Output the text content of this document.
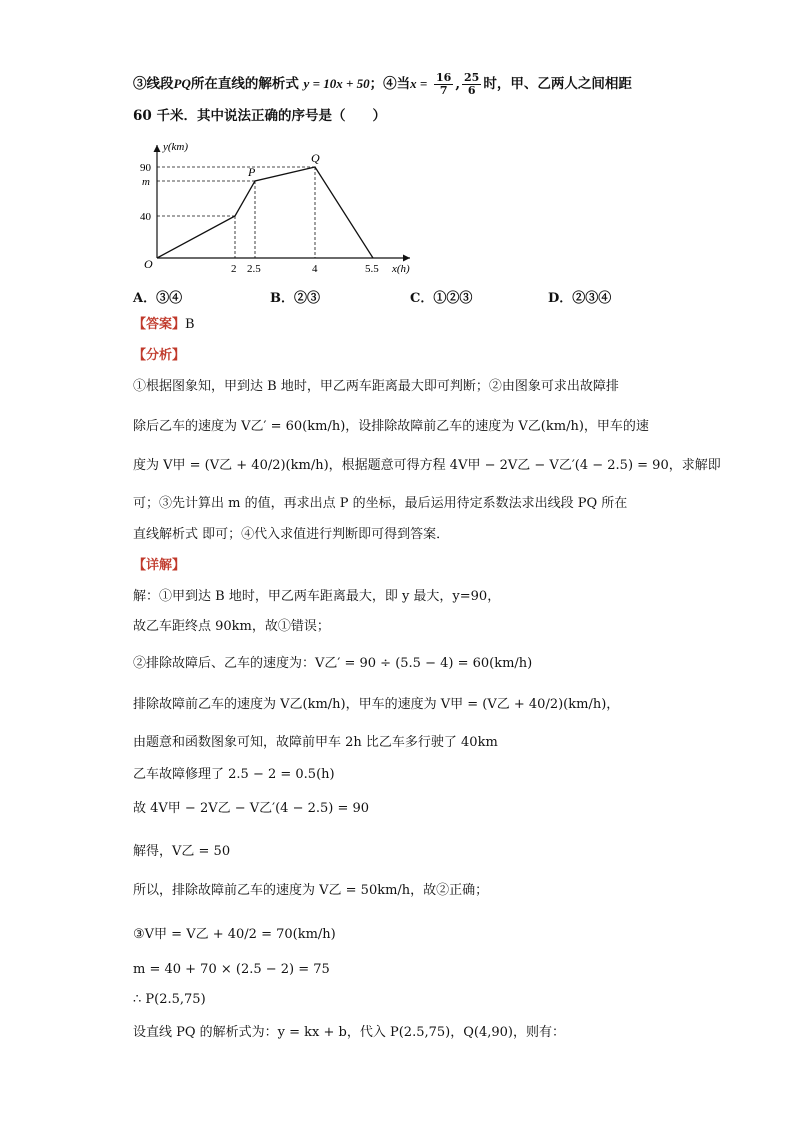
③线段PQ所在直线的解析式 y = 10x + 50；④当$x = \frac{16}{7}$ , $\frac{25}{6}$ 时，甲、乙两人之间相距
60 千米．其中说法正确的序号是（　　）
y(km)
x(h)
O
90
m
40
2 2.5	4	5.5
P
Q
A．③④	B．②③	C．①②③	D．②③④
【答案】B
【分析】
①根据图象知，甲到达 B 地时，甲乙两车距离最大即可判断；②由图象可求出故障排
除后乙车的速度为 V乙′ = 60(km/h)，设排除故障前乙车的速度为 V乙(km/h)，甲车的速
度为 V甲 = (V乙 + 40/2)(km/h)，根据题意可得方程 4V甲 − 2V乙 − V乙′(4 − 2.5) = 90，求解即
可；③先计算出 m 的值，再求出点 P 的坐标，最后运用待定系数法求出线段 PQ 所在
直线解析式 即可；④代入求值进行判断即可得到答案．
【详解】
解：①甲到达 B 地时，甲乙两车距离最大，即 y 最大，y=90，
故乙车距终点 90km，故①错误；
②排除故障后、乙车的速度为：V乙′ = 90 ÷ (5.5 − 4) = 60(km/h)
排除故障前乙车的速度为 V乙(km/h)，甲车的速度为 V甲 = (V乙 + 40/2)(km/h)，
由题意和函数图象可知，故障前甲车 2h 比乙车多行驶了 40km
乙车故障修理了 2.5 − 2 = 0.5(h)
故 4V甲 − 2V乙 − V乙′(4 − 2.5) = 90
解得，V乙 = 50
所以，排除故障前乙车的速度为 V乙 = 50km/h，故②正确；
③V甲 = V乙 + 40/2 = 70(km/h)
m = 40 + 70 × (2.5 − 2) = 75
∴ P(2.5,75)
设直线 PQ 的解析式为：y = kx + b，代入 P(2.5,75)，Q(4,90)，则有：
